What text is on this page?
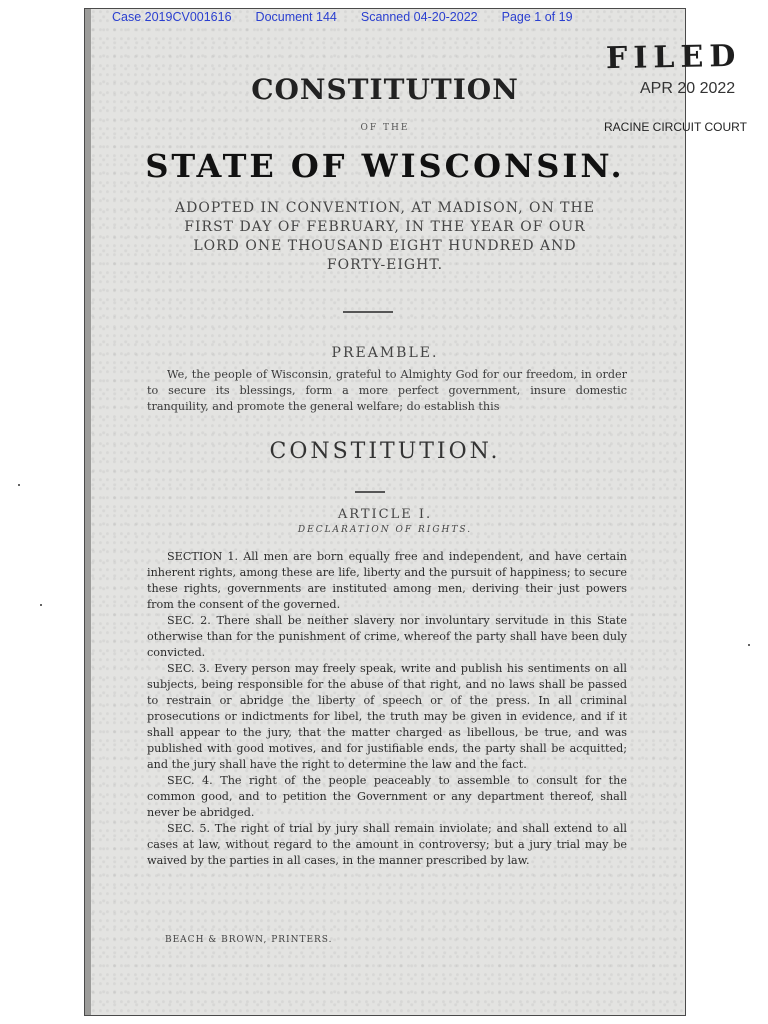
CONSTITUTION
OF THE
STATE OF WISCONSIN.
ADOPTED IN CONVENTION, AT MADISON, ON THE FIRST DAY OF FEBRUARY, IN THE YEAR OF OUR LORD ONE THOUSAND EIGHT HUNDRED AND FORTY-EIGHT.
PREAMBLE.
We, the people of Wisconsin, grateful to Almighty God for our freedom, in order to secure its blessings, form a more perfect government, insure domestic tranquility, and promote the general welfare; do establish this
CONSTITUTION.
ARTICLE I.
DECLARATION OF RIGHTS.

SECTION 1. All men are born equally free and independent, and have certain inherent rights, among these are life, liberty and the pursuit of happiness; to secure these rights, governments are instituted among men, deriving their just powers from the consent of the governed.

SEC. 2. There shall be neither slavery nor involuntary servitude in this State otherwise than for the punishment of crime, whereof the party shall have been duly convicted.

SEC. 3. Every person may freely speak, write and publish his sentiments on all subjects, being responsible for the abuse of that right, and no laws shall be passed to restrain or abridge the liberty of speech or of the press. In all criminal prosecutions or indictments for libel, the truth may be given in evidence, and if it shall appear to the jury, that the matter charged as libellous, be true, and was published with good motives, and for justifiable ends, the party shall be acquitted; and the jury shall have the right to determine the law and the fact.

SEC. 4. The right of the people peaceably to assemble to consult for the common good, and to petition the Government or any department thereof, shall never be abridged.

SEC. 5. The right of trial by jury shall remain inviolate; and shall extend to all cases at law, without regard to the amount in controversy; but a jury trial may be waived by the parties in all cases, in the manner prescribed by law.

BEACH & BROWN, PRINTERS.
Case 2019CV001616 Document 144 Scanned 04-20-2022 Page 1 of 19
FILED
APR 20 2022
RACINE CIRCUIT COURT
